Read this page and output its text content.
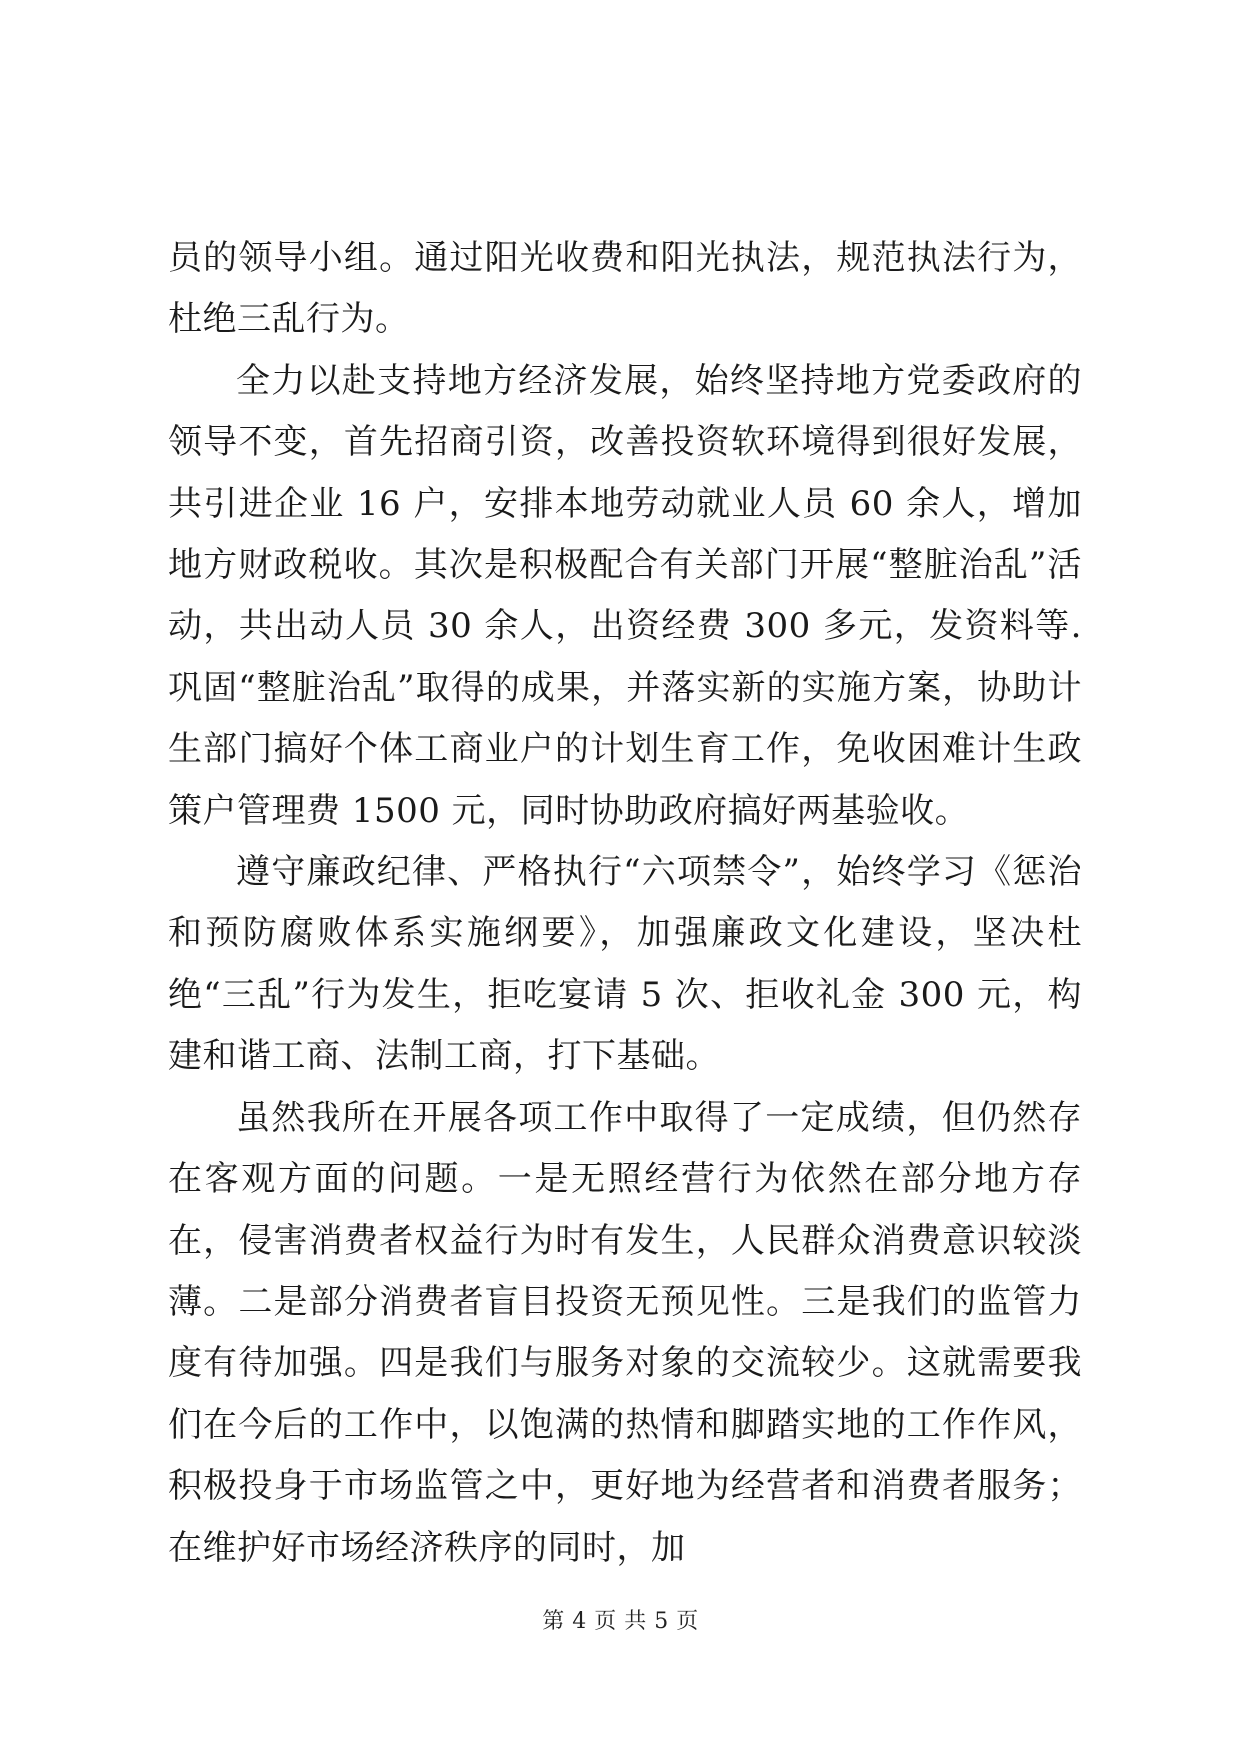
员的领导小组。通过阳光收费和阳光执法，规范执法行为，杜绝三乱行为。

全力以赴支持地方经济发展，始终坚持地方党委政府的领导不变，首先招商引资，改善投资软环境得到很好发展，共引进企业 16 户，安排本地劳动就业人员 60 余人，增加地方财政税收。其次是积极配合有关部门开展“整脏治乱”活动，共出动人员 30 余人，出资经费 300 多元，发资料等.巩固“整脏治乱”取得的成果，并落实新的实施方案，协助计生部门搞好个体工商业户的计划生育工作，免收困难计生政策户管理费 1500 元，同时协助政府搞好两基验收。

遵守廉政纪律、严格执行“六项禁令”，始终学习《惩治和预防腐败体系实施纲要》，加强廉政文化建设，坚决杜绝“三乱”行为发生，拒吃宴请 5 次、拒收礼金 300 元，构建和谐工商、法制工商，打下基础。

虽然我所在开展各项工作中取得了一定成绩，但仍然存在客观方面的问题。一是无照经营行为依然在部分地方存在，侵害消费者权益行为时有发生，人民群众消费意识较淡薄。二是部分消费者盲目投资无预见性。三是我们的监管力度有待加强。四是我们与服务对象的交流较少。这就需要我们在今后的工作中，以饱满的热情和脚踏实地的工作作风，积极投身于市场监管之中，更好地为经营者和消费者服务；在维护好市场经济秩序的同时，加

第 4 页 共 5 页
